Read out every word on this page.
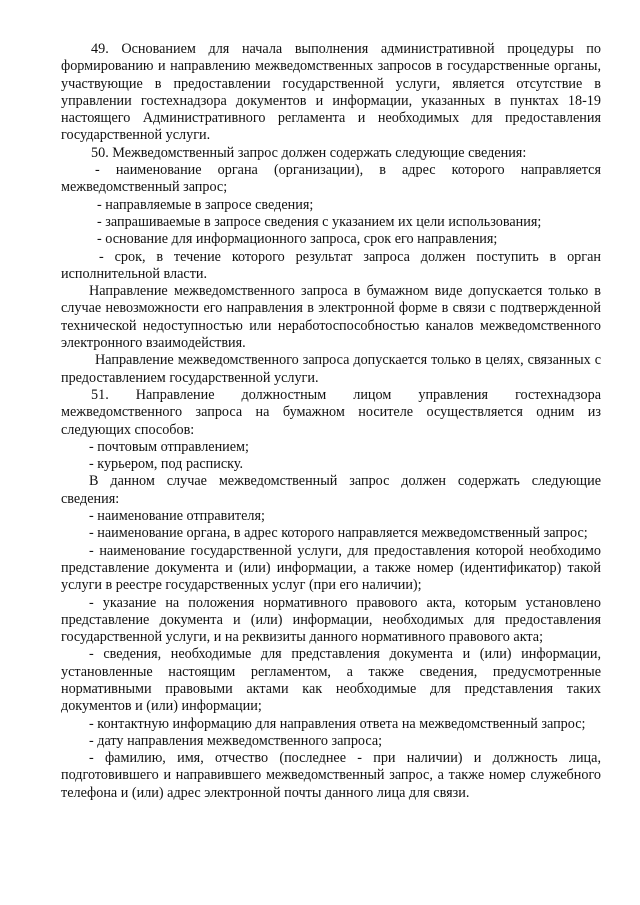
49. Основанием для начала выполнения административной процедуры по формированию и направлению межведомственных запросов в государственные органы, участвующие в предоставлении государственной услуги, является отсутствие в управлении гостехнадзора документов и информации, указанных в пунктах 18-19 настоящего Административного регламента и необходимых для предоставления государственной услуги.

50. Межведомственный запрос должен содержать следующие сведения:

- наименование органа (организации), в адрес которого направляется межведомственный запрос;

- направляемые в запросе сведения;

- запрашиваемые в запросе сведения с указанием их цели использования;

- основание для информационного запроса, срок его направления;

- срок, в течение которого результат запроса должен поступить в орган исполнительной власти.

Направление межведомственного запроса в бумажном виде допускается только в случае невозможности его направления в электронной форме в связи с подтвержденной технической недоступностью или неработоспособностью каналов межведомственного электронного взаимодействия.

Направление межведомственного запроса допускается только в целях, связанных с предоставлением государственной услуги.

51. Направление должностным лицом управления гостехнадзора межведомственного запроса на бумажном носителе осуществляется одним из следующих способов:

- почтовым отправлением;

- курьером, под расписку.

В данном случае межведомственный запрос должен содержать следующие сведения:

- наименование отправителя;

- наименование органа, в адрес которого направляется межведомственный запрос;

- наименование государственной услуги, для предоставления которой необходимо представление документа и (или) информации, а также номер (идентификатор) такой услуги в реестре государственных услуг (при его наличии);

- указание на положения нормативного правового акта, которым установлено представление документа и (или) информации, необходимых для предоставления государственной услуги, и на реквизиты данного нормативного правового акта;

- сведения, необходимые для представления документа и (или) информации, установленные настоящим регламентом, а также сведения, предусмотренные нормативными правовыми актами как необходимые для представления таких документов и (или) информации;

- контактную информацию для направления ответа на межведомственный запрос;

- дату направления межведомственного запроса;

- фамилию, имя, отчество (последнее - при наличии) и должность лица, подготовившего и направившего межведомственный запрос, а также номер служебного телефона и (или) адрес электронной почты данного лица для связи.
